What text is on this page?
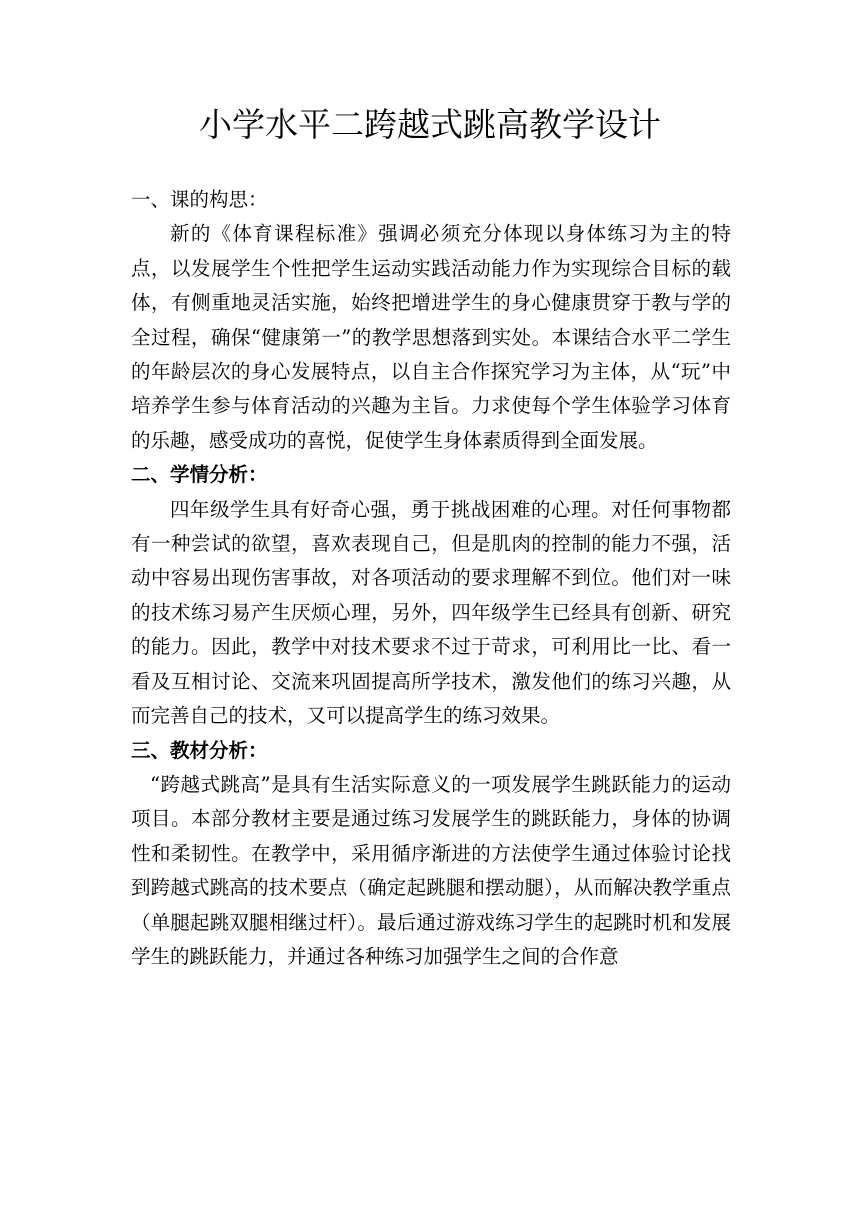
小学水平二跨越式跳高教学设计

一、课的构思：

新的《体育课程标准》强调必须充分体现以身体练习为主的特点，以发展学生个性把学生运动实践活动能力作为实现综合目标的载体，有侧重地灵活实施，始终把增进学生的身心健康贯穿于教与学的全过程，确保“健康第一”的教学思想落到实处。本课结合水平二学生的年龄层次的身心发展特点，以自主合作探究学习为主体，从“玩”中培养学生参与体育活动的兴趣为主旨。力求使每个学生体验学习体育的乐趣，感受成功的喜悦，促使学生身体素质得到全面发展。

二、学情分析：

四年级学生具有好奇心强，勇于挑战困难的心理。对任何事物都有一种尝试的欲望，喜欢表现自己，但是肌肉的控制的能力不强，活动中容易出现伤害事故，对各项活动的要求理解不到位。他们对一味的技术练习易产生厌烦心理，另外，四年级学生已经具有创新、研究的能力。因此，教学中对技术要求不过于苛求，可利用比一比、看一看及互相讨论、交流来巩固提高所学技术，激发他们的练习兴趣，从而完善自己的技术，又可以提高学生的练习效果。

三、教材分析：

“跨越式跳高”是具有生活实际意义的一项发展学生跳跃能力的运动项目。本部分教材主要是通过练习发展学生的跳跃能力，身体的协调性和柔韧性。在教学中，采用循序渐进的方法使学生通过体验讨论找到跨越式跳高的技术要点（确定起跳腿和摆动腿），从而解决教学重点（单腿起跳双腿相继过杆）。最后通过游戏练习学生的起跳时机和发展学生的跳跃能力，并通过各种练习加强学生之间的合作意
